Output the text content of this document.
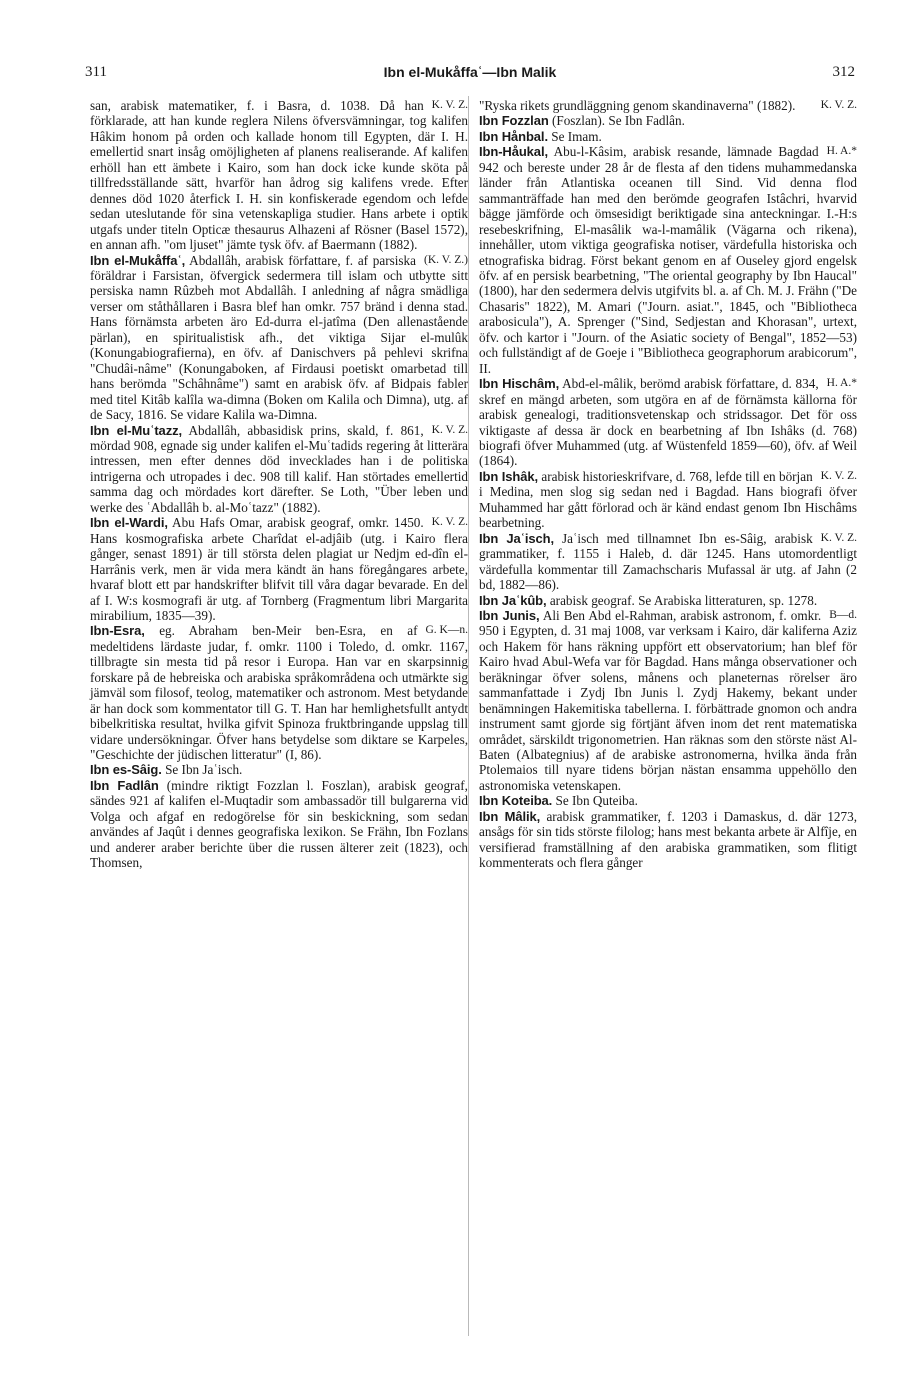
311	Ibn el-Mukåffaʿ—Ibn Malik	312

K. V. Z.
san, arabisk matematiker, f. i Basra, d. 1038. Då han förklarade, att han kunde reglera Nilens öfversvämningar, tog kalifen Hâkim honom på orden och kallade honom till Egypten, där I. H. emellertid snart insåg omöjligheten af planens realiserande. Af kalifen erhöll han ett ämbete i Kairo, som han dock icke kunde sköta på tillfredsställande sätt, hvarför han ådrog sig kalifens vrede. Efter dennes död 1020 återfick I. H. sin konfiskerade egendom och lefde sedan uteslutande för sina vetenskapliga studier. Hans arbete i optik utgafs under titeln Opticæ thesaurus Alhazeni af Rösner (Basel 1572), en annan afh. "om ljuset" jämte tysk öfv. af Baermann (1882).

(K. V. Z.)
Ibn el-Mukåffaʿ, Abdallâh, arabisk författare, f. af parsiska föräldrar i Farsistan, öfvergick sedermera till islam och utbytte sitt persiska namn Rûzbeh mot Abdallâh. I anledning af några smädliga verser om ståthållaren i Basra blef han omkr. 757 bränd i denna stad. Hans förnämsta arbeten äro Ed-durra el-jatîma (Den allenastående pärlan), en spiritualistisk afh., det viktiga Sijar el-mulûk (Konungabiografierna), en öfv. af Danischvers på pehlevi skrifna "Chudâi-nâme" (Konungaboken, af Firdausi poetiskt omarbetad till hans berömda "Schâhnâme") samt en arabisk öfv. af Bidpais fabler med titel Kitâb kalîla wa-dimna (Boken om Kalila och Dimna), utg. af de Sacy, 1816. Se vidare Kalila wa-Dimna.

K. V. Z.
Ibn el-Muʿtazz, Abdallâh, abbasidisk prins, skald, f. 861, mördad 908, egnade sig under kalifen el-Muʿtadids regering åt litterära intressen, men efter dennes död invecklades han i de politiska intrigerna och utropades i dec. 908 till kalif. Han störtades emellertid samma dag och mördades kort därefter. Se Loth, "Über leben und werke des ʿAbdallâh b. al-Moʿtazz" (1882).

K. V. Z.
Ibn el-Wardi, Abu Hafs Omar, arabisk geograf, omkr. 1450. Hans kosmografiska arbete Charîdat el-adjâib (utg. i Kairo flera gånger, senast 1891) är till största delen plagiat ur Nedjm ed-dîn el-Harrânis verk, men är vida mera kändt än hans föregångares arbete, hvaraf blott ett par handskrifter blifvit till våra dagar bevarade. En del af I. W:s kosmografi är utg. af Tornberg (Fragmentum libri Margarita mirabilium, 1835—39).

G. K—n.
Ibn-Esra, eg. Abraham ben-Meir ben-Esra, en af medeltidens lärdaste judar, f. omkr. 1100 i Toledo, d. omkr. 1167, tillbragte sin mesta tid på resor i Europa. Han var en skarpsinnig forskare på de hebreiska och arabiska språkområdena och utmärkte sig jämväl som filosof, teolog, matematiker och astronom. Mest betydande är han dock som kommentator till G. T. Han har hemlighetsfullt antydt bibelkritiska resultat, hvilka gifvit Spinoza fruktbringande uppslag till vidare undersökningar. Öfver hans betydelse som diktare se Karpeles, "Geschichte der jüdischen litteratur" (I, 86).

Ibn es-Sâig. Se Ibn Jaʿisch.

Ibn Fadlân (mindre riktigt Fozzlan l. Foszlan), arabisk geograf, sändes 921 af kalifen el-Muqtadir som ambassadör till bulgarerna vid Volga och afgaf en redogörelse för sin beskickning, som sedan användes af Jaqût i dennes geografiska lexikon. Se Frähn, Ibn Fozlans und anderer araber berichte über die russen älterer zeit (1823), och Thomsen,

K. V. Z.
"Ryska rikets grundläggning genom skandinaverna" (1882).

Ibn Fozzlan (Foszlan). Se Ibn Fadlân.

Ibn Hånbal. Se Imam.

H. A.*
Ibn-Håukal, Abu-l-Kâsim, arabisk resande, lämnade Bagdad 942 och bereste under 28 år de flesta af den tidens muhammedanska länder från Atlantiska oceanen till Sind. Vid denna flod sammanträffade han med den berömde geografen Istâchri, hvarvid bägge jämförde och ömsesidigt beriktigade sina anteckningar. I.-H:s resebeskrifning, El-masâlik wa-l-mamâlik (Vägarna och rikena), innehåller, utom viktiga geografiska notiser, värdefulla historiska och etnografiska bidrag. Först bekant genom en af Ouseley gjord engelsk öfv. af en persisk bearbetning, "The oriental geography by Ibn Haucal" (1800), har den sedermera delvis utgifvits bl. a. af Ch. M. J. Frähn ("De Chasaris" 1822), M. Amari ("Journ. asiat.", 1845, och "Bibliotheca arabosicula"), A. Sprenger ("Sind, Sedjestan and Khorasan", urtext, öfv. och kartor i "Journ. of the Asiatic society of Bengal", 1852—53) och fullständigt af de Goeje i "Bibliotheca geographorum arabicorum", II.

H. A.*
Ibn Hischâm, Abd-el-mâlik, berömd arabisk författare, d. 834, skref en mängd arbeten, som utgöra en af de förnämsta källorna för arabisk genealogi, traditionsvetenskap och stridssagor. Det för oss viktigaste af dessa är dock en bearbetning af Ibn Ishâks (d. 768) biografi öfver Muhammed (utg. af Wüstenfeld 1859—60), öfv. af Weil (1864).

K. V. Z.
Ibn Ishâk, arabisk historieskrifvare, d. 768, lefde till en början i Medina, men slog sig sedan ned i Bagdad. Hans biografi öfver Muhammed har gått förlorad och är känd endast genom Ibn Hischâms bearbetning.

K. V. Z.
Ibn Jaʿisch, Jaʿisch med tillnamnet Ibn es-Sâig, arabisk grammatiker, f. 1155 i Haleb, d. där 1245. Hans utomordentligt värdefulla kommentar till Zamachscharis Mufassal är utg. af Jahn (2 bd, 1882—86).

Ibn Jaʿkûb, arabisk geograf. Se Arabiska litteraturen, sp. 1278.

B—d.
Ibn Junis, Ali Ben Abd el-Rahman, arabisk astronom, f. omkr. 950 i Egypten, d. 31 maj 1008, var verksam i Kairo, där kaliferna Aziz och Hakem för hans räkning uppfört ett observatorium; han blef för Kairo hvad Abul-Wefa var för Bagdad. Hans många observationer och beräkningar öfver solens, månens och planeternas rörelser äro sammanfattade i Zydj Ibn Junis l. Zydj Hakemy, bekant under benämningen Hakemitiska tabellerna. I. förbättrade gnomon och andra instrument samt gjorde sig förtjänt äfven inom det rent matematiska området, särskildt trigonometrien. Han räknas som den störste näst Al-Baten (Albategnius) af de arabiske astronomerna, hvilka ända från Ptolemaios till nyare tidens början nästan ensamma uppehöllo den astronomiska vetenskapen.

Ibn Koteiba. Se Ibn Quteiba.

Ibn Mâlik, arabisk grammatiker, f. 1203 i Damaskus, d. där 1273, ansågs för sin tids störste filolog; hans mest bekanta arbete är Alfîje, en versifierad framställning af den arabiska grammatiken, som flitigt kommenterats och flera gånger
